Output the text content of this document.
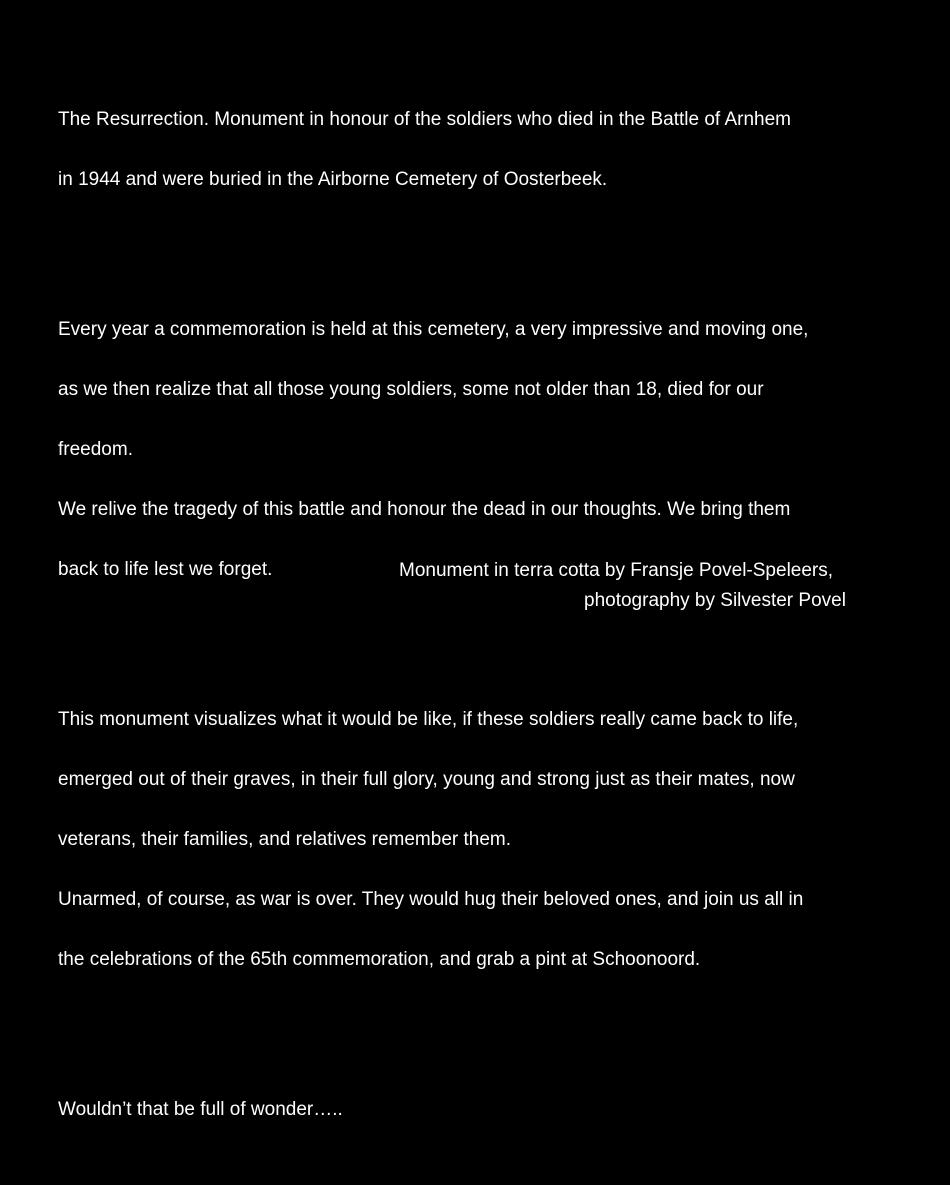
The Resurrection. Monument in honour of the soldiers who died in the Battle of Arnhem

in 1944 and were buried in the Airborne Cemetery of Oosterbeek.

Every year a commemoration is held at this cemetery, a very impressive and moving one,

as we then realize that all those young soldiers, some not older than 18, died for our

freedom.

We relive the tragedy of this battle and honour the dead in our thoughts. We bring them

back to life lest we forget.

This monument visualizes what it would be like, if these soldiers really came back to life,

emerged out of their graves, in their full glory, young and strong just as their mates, now

veterans, their families, and relatives remember them.

Unarmed, of course, as war is over. They would hug their beloved ones, and join us all in

the celebrations of the 65th commemoration, and grab a pint at Schoonoord.

Wouldn’t that be full of wonder…..

Monument in terra cotta by Fransje Povel-Speleers,
photography by Silvester Povel
